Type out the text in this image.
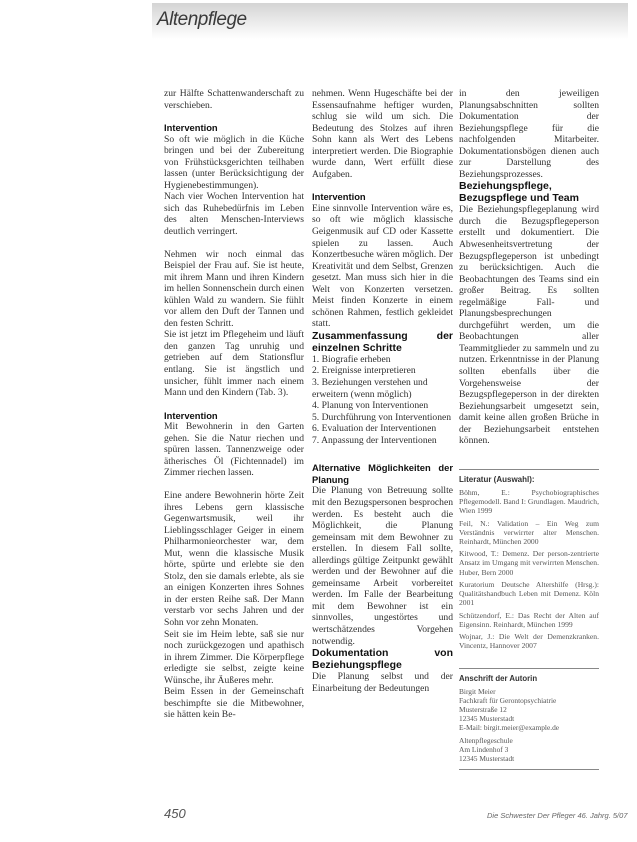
Altenpflege

zur Hälfte Schattenwanderschaft zu verschieben.

Intervention

So oft wie möglich in die Küche bringen und bei der Zubereitung von Frühstücksgerichten teilhaben lassen (unter Berücksichtigung der Hygienebestimmungen).

Nach vier Wochen Intervention hat sich das Ruhebedürfnis im Leben des alten Menschen-Interviews deutlich verringert.

Nehmen wir noch einmal das Beispiel der Frau auf. Sie ist heute, mit ihrem Mann und ihren Kindern im hellen Sonnenschein durch einen kühlen Wald zu wandern. Sie fühlt vor allem den Duft der Tannen und den festen Schritt.

Sie ist jetzt im Pflegeheim und läuft den ganzen Tag unruhig und getrieben auf dem Stationsflur entlang. Sie ist ängstlich und unsicher, fühlt immer nach einem Mann und den Kindern (Tab. 3).

Intervention

Mit Bewohnerin in den Garten gehen. Sie die Natur riechen und spüren lassen. Tannenzweige oder ätherisches Öl (Fichtennadel) im Zimmer riechen lassen.

Eine andere Bewohnerin hörte Zeit ihres Lebens gern klassische Gegenwartsmusik, weil ihr Lieblingsschlager Geiger in einem Philharmonieorchester war, dem Mut, wenn die klassische Musik hörte, spürte und erlebte sie den Stolz, den sie damals erlebte, als sie an einigen Konzerten ihres Sohnes in der ersten Reihe saß. Der Mann verstarb vor sechs Jahren und der Sohn vor zehn Monaten.

Seit sie im Heim lebte, saß sie nur noch zurückgezogen und apathisch in ihrem Zimmer. Die Körperpflege erledigte sie selbst, zeigte keine Wünsche, ihr Äußeres mehr.

Beim Essen in der Gemeinschaft beschimpfte sie die Mitbewohner, sie hätten kein Be-

nehmen. Wenn Hugeschäfte bei der Essensaufnahme heftiger wurden, schlug sie wild um sich. Die Bedeutung des Stolzes auf ihren Sohn kann als Wert des Lebens interpretiert werden. Die Biographie wurde dann, Wert erfüllt diese Aufgaben.

Intervention

Eine sinnvolle Intervention wäre es, so oft wie möglich klassische Geigenmusik auf CD oder Kassette spielen zu lassen. Auch Konzertbesuche wären möglich. Der Kreativität und dem Selbst, Grenzen gesetzt. Man muss sich hier in die Welt von Konzerten versetzen. Meist finden Konzerte in einem schönen Rahmen, festlich gekleidet statt.

Zusammenfassung der einzelnen Schritte

1. Biografie erheben
2. Ereignisse interpretieren
3. Beziehungen verstehen und erweitern (wenn möglich)
4. Planung von Interventionen
5. Durchführung von Interventionen
6. Evaluation der Interventionen
7. Anpassung der Interventionen

Alternative Möglichkeiten der Planung

Die Planung von Betreuung sollte mit den Bezugspersonen besprochen werden. Es besteht auch die Möglichkeit, die Planung gemeinsam mit dem Bewohner zu erstellen. In diesem Fall sollte, allerdings gültige Zeitpunkt gewählt werden und der Bewohner auf die gemeinsame Arbeit vorbereitet werden. Im Falle der Bearbeitung mit dem Bewohner ist ein sinnvolles, ungestörtes und wertschätzendes Vorgehen notwendig.

Dokumentation von Beziehungspflege

Die Planung selbst und der Einarbeitung der Bedeutungen

in den jeweiligen Planungsabschnitten sollten Dokumentation der Beziehungspflege für die nachfolgenden Mitarbeiter. Dokumentationsbögen dienen auch zur Darstellung des Beziehungsprozesses.

Beziehungspflege, Bezugspflege und Team

Die Beziehungspflegeplanung wird durch die Bezugspflegeperson erstellt und dokumentiert. Die Abwesenheitsvertretung der Bezugspflegeperson ist unbedingt zu berücksichtigen. Auch die Beobachtungen des Teams sind ein großer Beitrag. Es sollten regelmäßige Fall- und Planungsbesprechungen durchgeführt werden, um die Beobachtungen aller Teammitglieder zu sammeln und zu nutzen. Erkenntnisse in der Planung sollten ebenfalls über die Vorgehensweise der Bezugspflegeperson in der direkten Beziehungsarbeit umgesetzt sein, damit keine allen großen Brüche in der Beziehungsarbeit entstehen können.

Literatur (Auswahl):

Böhm, E.: Psychobiographisches Pflegemodell. Band I: Grundlagen. Maudrich, Wien 1999

Feil, N.: Validation – Ein Weg zum Verständnis verwirrter alter Menschen. Reinhardt, München 2000

Kitwood, T.: Demenz. Der person-zentrierte Ansatz im Umgang mit verwirrten Menschen. Huber, Bern 2000

Kuratorium Deutsche Altershilfe (Hrsg.): Qualitätshandbuch Leben mit Demenz. Köln 2001

Schützendorf, E.: Das Recht der Alten auf Eigensinn. Reinhardt, München 1999

Wojnar, J.: Die Welt der Demenzkranken. Vincentz, Hannover 2007

Anschrift der Autorin

Birgit Meier

Fachkraft für Gerontopsychiatrie

Musterstraße 12

12345 Musterstadt

E-Mail: birgit.meier@example.de

Altenpflegeschule

Am Lindenhof 3

12345 Musterstadt

450	Die Schwester Der Pfleger 46. Jahrg. 5/07
